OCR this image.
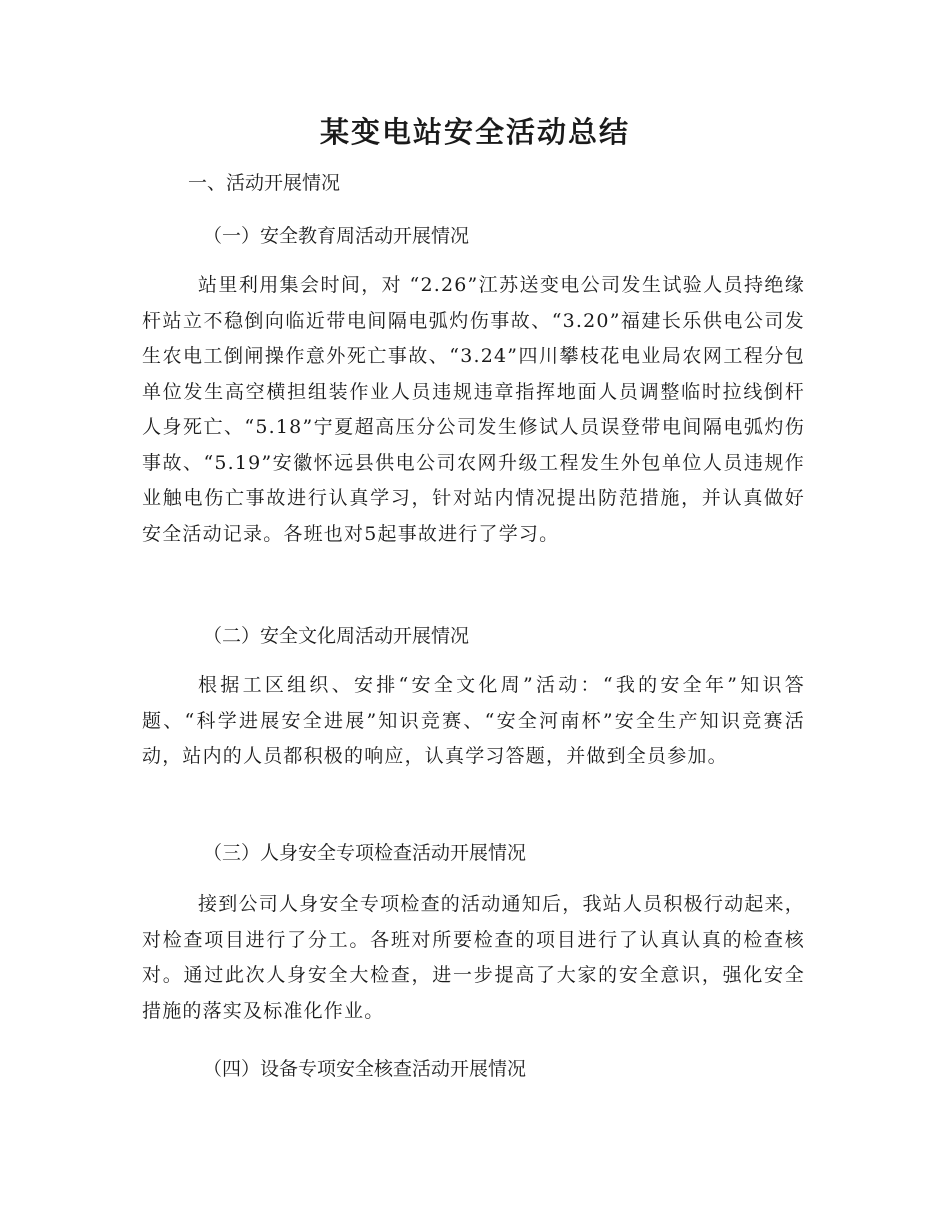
某变电站安全活动总结
一、活动开展情况
（一）安全教育周活动开展情况

站里利用集会时间，对 “2.26”江苏送变电公司发生试验人员持绝缘杆站立不稳倒向临近带电间隔电弧灼伤事故、“3.20”福建长乐供电公司发生农电工倒闸操作意外死亡事故、“3.24”四川攀枝花电业局农网工程分包单位发生高空横担组装作业人员违规违章指挥地面人员调整临时拉线倒杆人身死亡、“5.18”宁夏超高压分公司发生修试人员误登带电间隔电弧灼伤事故、“5.19”安徽怀远县供电公司农网升级工程发生外包单位人员违规作业触电伤亡事故进行认真学习，针对站内情况提出防范措施，并认真做好安全活动记录。各班也对5起事故进行了学习。

（二）安全文化周活动开展情况

根据工区组织、安排“安全文化周”活动：“我的安全年”知识答题、“科学进展安全进展”知识竞赛、“安全河南杯”安全生产知识竞赛活动，站内的人员都积极的响应，认真学习答题，并做到全员参加。

（三）人身安全专项检查活动开展情况

接到公司人身安全专项检查的活动通知后，我站人员积极行动起来，对检查项目进行了分工。各班对所要检查的项目进行了认真认真的检查核对。通过此次人身安全大检查，进一步提高了大家的安全意识，强化安全措施的落实及标准化作业。

（四）设备专项安全核查活动开展情况
